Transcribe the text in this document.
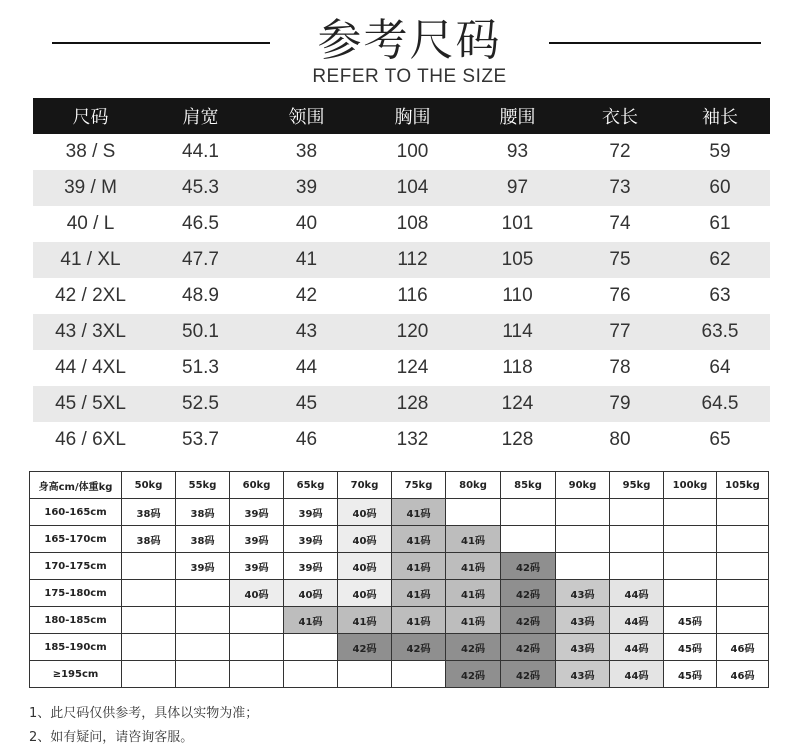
参考尺码
REFER TO THE SIZE
尺码	肩宽	领围	胸围	腰围	衣长	袖长
38 / S	44.1	38	100	93	72	59
39 / M	45.3	39	104	97	73	60
40 / L	46.5	40	108	101	74	61
41 / XL	47.7	41	112	105	75	62
42 / 2XL	48.9	42	116	110	76	63
43 / 3XL	50.1	43	120	114	77	63.5
44 / 4XL	51.3	44	124	118	78	64
45 / 5XL	52.5	45	128	124	79	64.5
46 / 6XL	53.7	46	132	128	80	65
身高cm/体重kg	50kg	55kg	60kg	65kg	70kg	75kg	80kg	85kg	90kg	95kg	100kg	105kg
160-165cm	38码	38码	39码	39码	40码	41码						
165-170cm	38码	38码	39码	39码	40码	41码	41码					
170-175cm		39码	39码	39码	40码	41码	41码	42码				
175-180cm			40码	40码	40码	41码	41码	42码	43码	44码		
180-185cm				41码	41码	41码	41码	42码	43码	44码	45码	
185-190cm					42码	42码	42码	42码	43码	44码	45码	46码
≥195cm							42码	42码	43码	44码	45码	46码
1、此尺码仅供参考，具体以实物为准；
2、如有疑问，请咨询客服。
